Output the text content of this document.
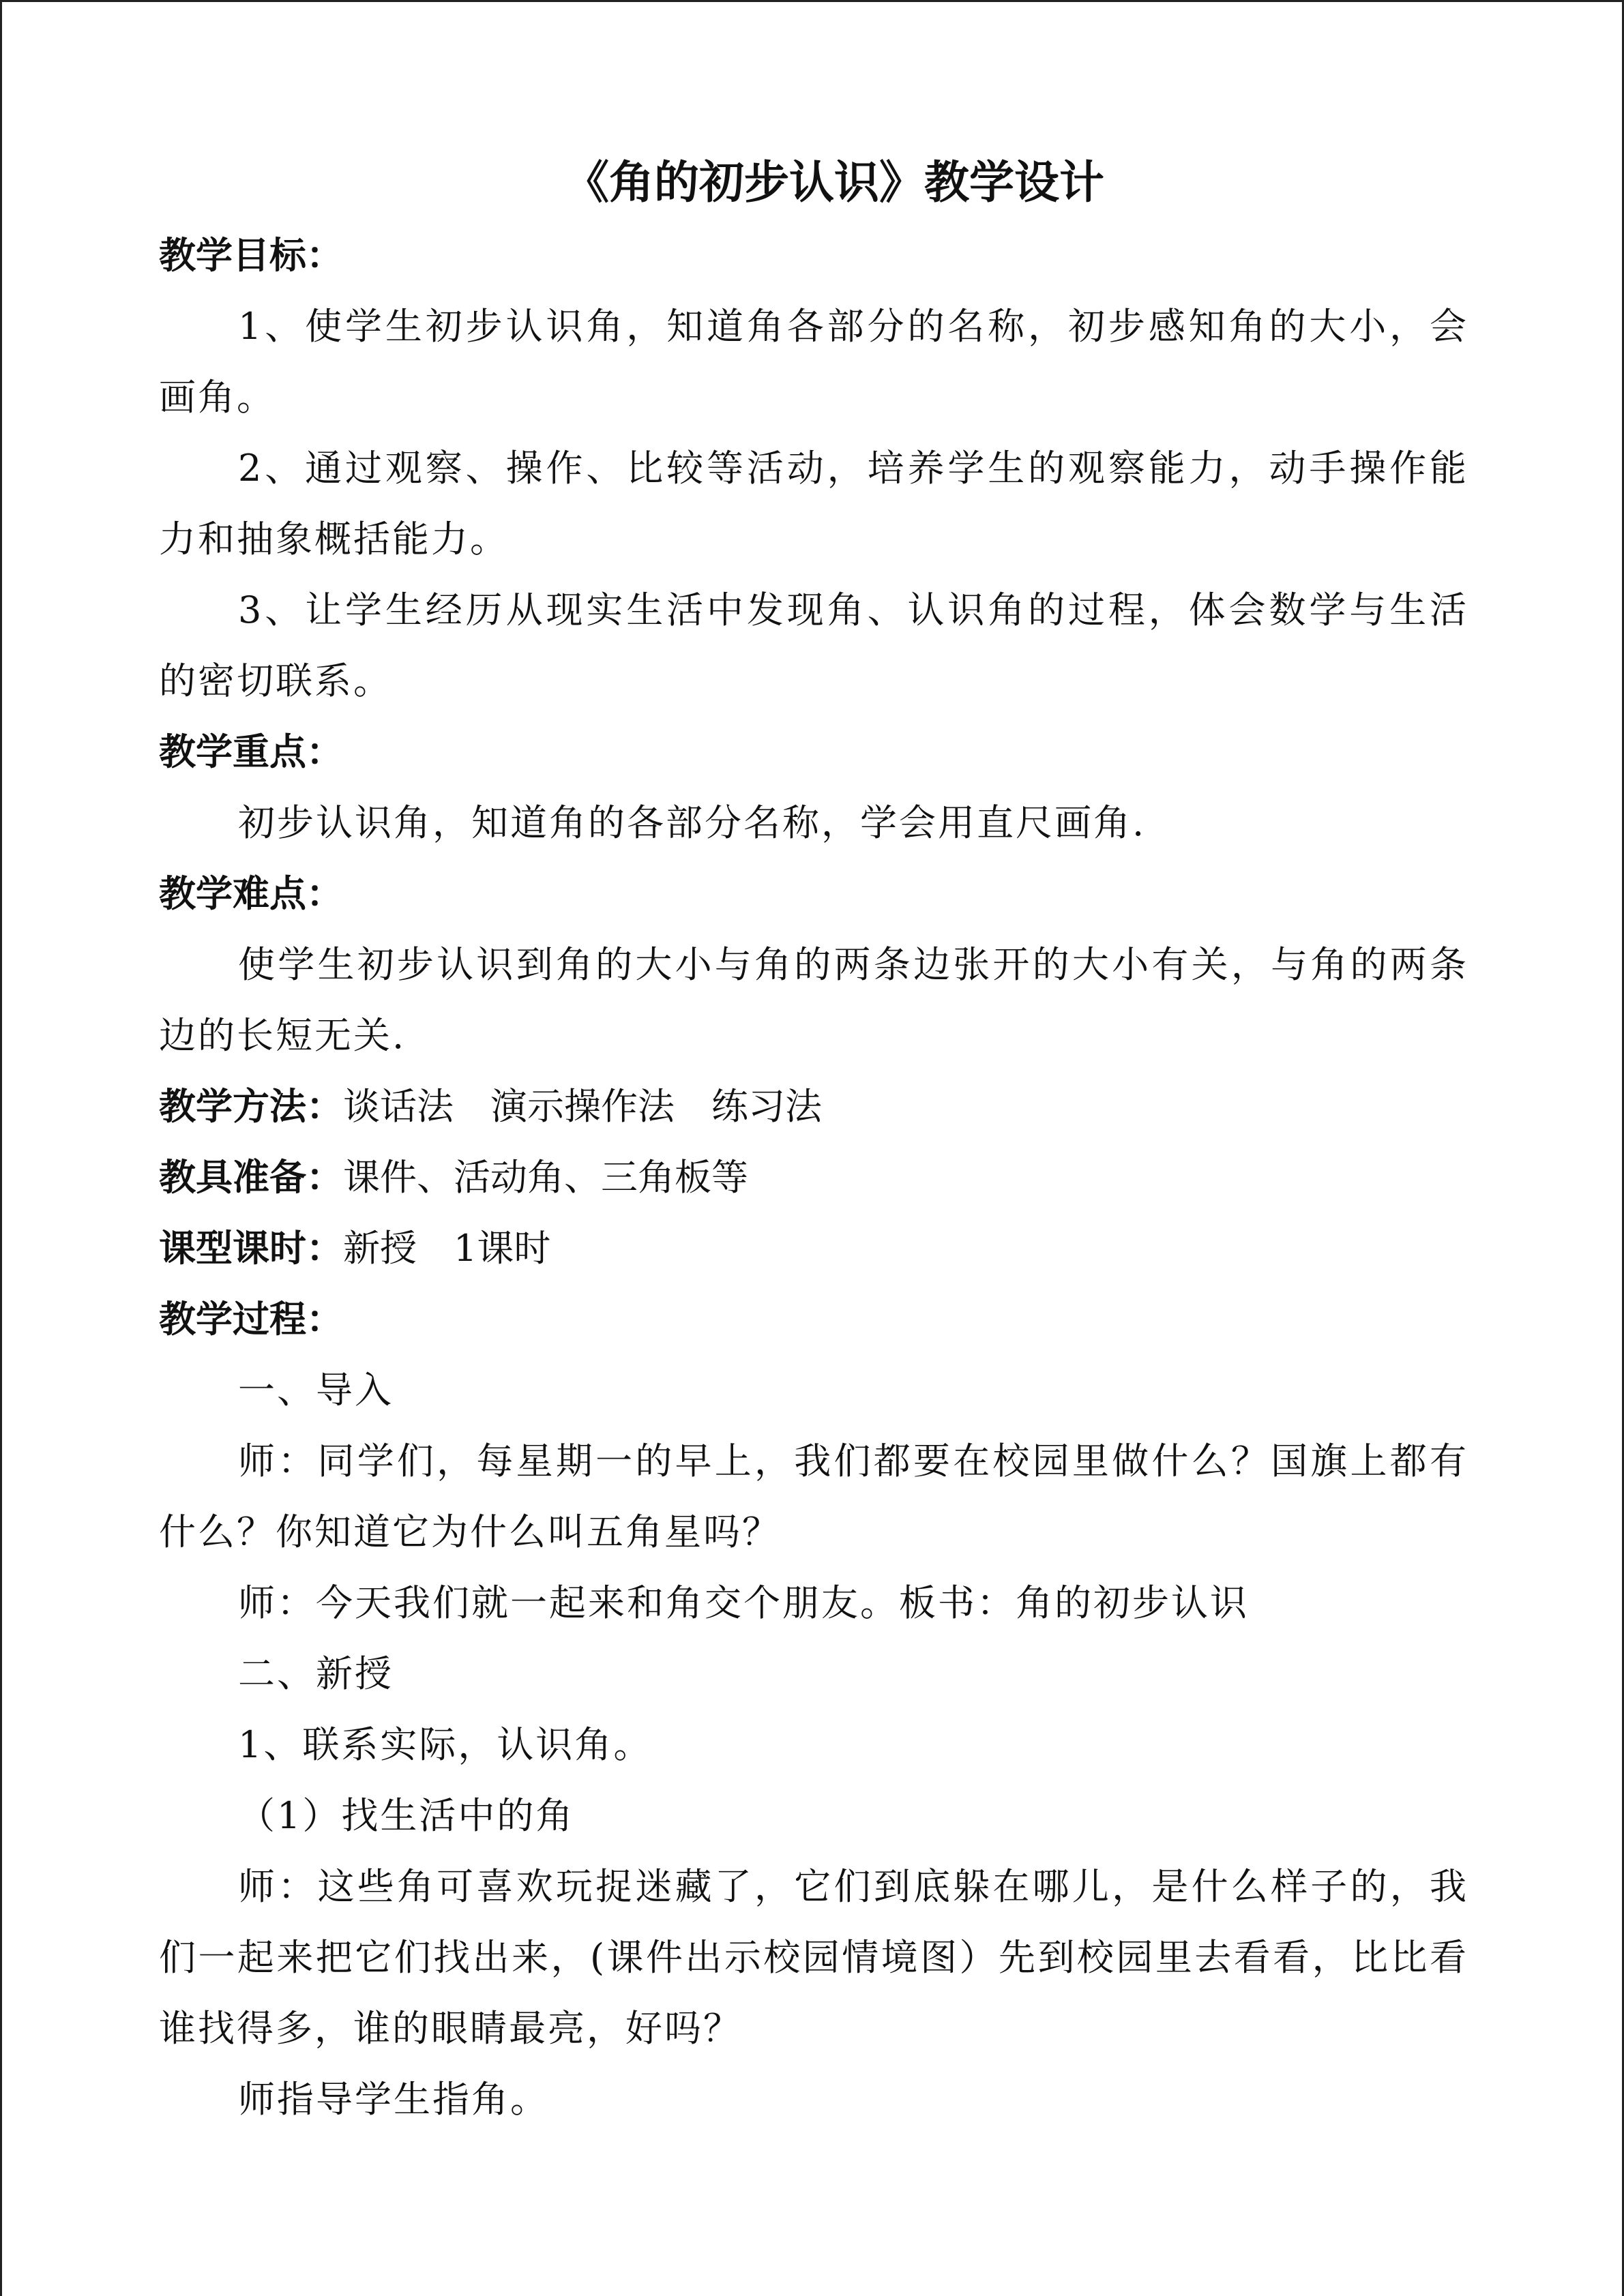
《角的初步认识》教学设计
教学目标：

1、使学生初步认识角，知道角各部分的名称，初步感知角的大小，会画角。

2、通过观察、操作、比较等活动，培养学生的观察能力，动手操作能力和抽象概括能力。

3、让学生经历从现实生活中发现角、认识角的过程，体会数学与生活的密切联系。

教学重点：

初步认识角，知道角的各部分名称，学会用直尺画角.

教学难点：

使学生初步认识到角的大小与角的两条边张开的大小有关，与角的两条边的长短无关.

教学方法：谈话法　演示操作法　练习法
教具准备：课件、活动角、三角板等
课型课时：新授　1课时
教学过程：

一、导入

师：同学们，每星期一的早上，我们都要在校园里做什么？国旗上都有什么？你知道它为什么叫五角星吗？

师：今天我们就一起来和角交个朋友。板书：角的初步认识

二、新授

1、联系实际，认识角。

（1）找生活中的角

师：这些角可喜欢玩捉迷藏了，它们到底躲在哪儿，是什么样子的，我们一起来把它们找出来，(课件出示校园情境图）先到校园里去看看，比比看谁找得多，谁的眼睛最亮，好吗？

师指导学生指角。
